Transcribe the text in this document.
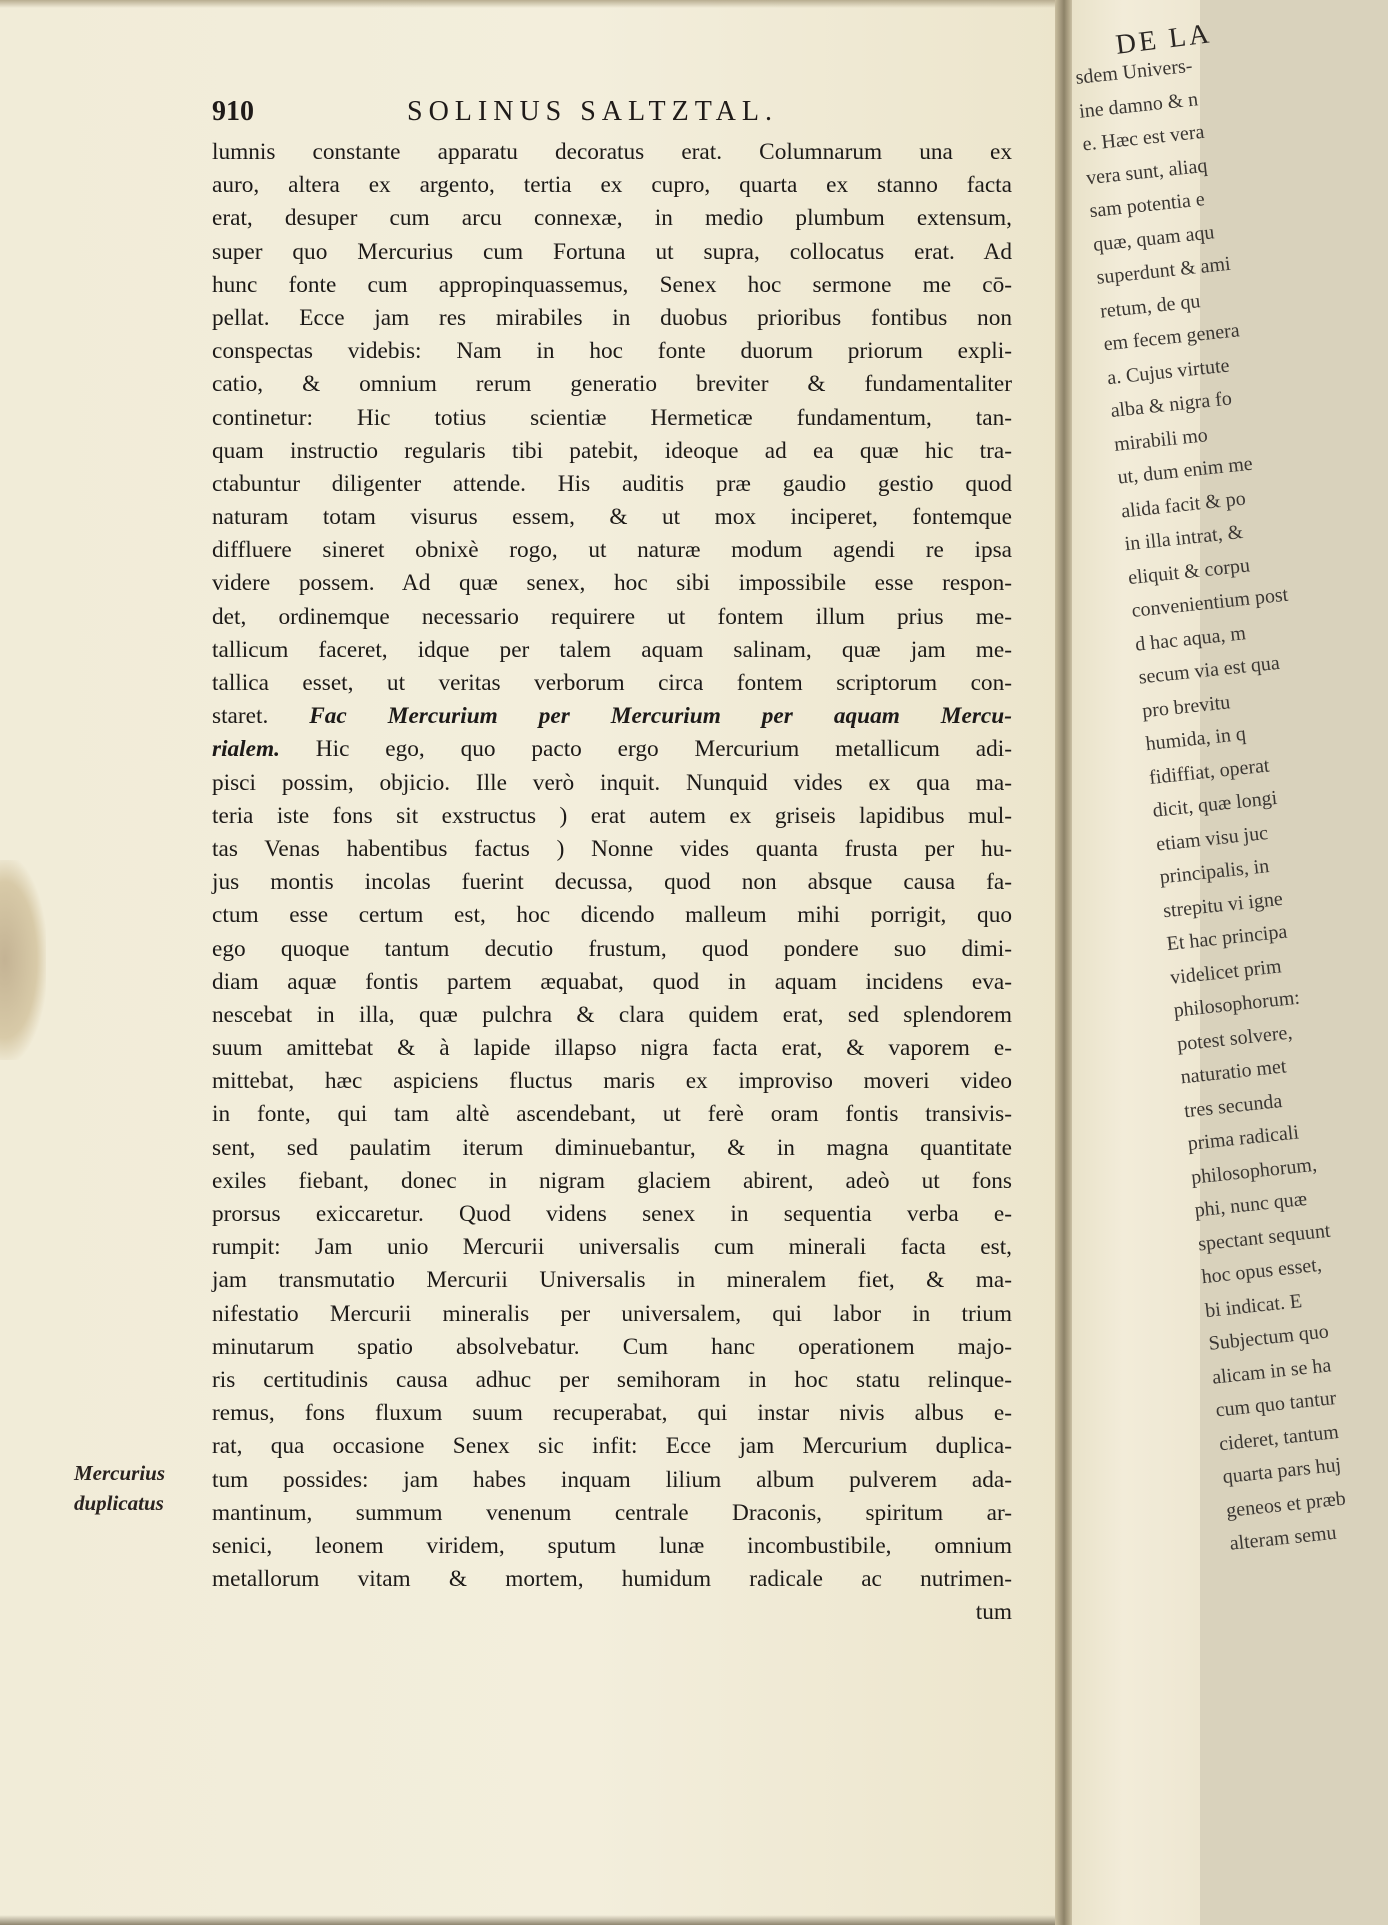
910	SOLINUS SALTZTAL.
Mercurius
duplicatus
lumnis constante apparatu decoratus erat. Columnarum una ex
auro, altera ex argento, tertia ex cupro, quarta ex stanno facta
erat, desuper cum arcu connexæ, in medio plumbum extensum,
super quo Mercurius cum Fortuna ut supra, collocatus erat. Ad
hunc fonte cum appropinquassemus, Senex hoc sermone me cō-
pellat. Ecce jam res mirabiles in duobus prioribus fontibus non
conspectas videbis: Nam in hoc fonte duorum priorum expli-
catio, & omnium rerum generatio breviter & fundamentaliter
continetur: Hic totius scientiæ Hermeticæ fundamentum, tan-
quam instructio regularis tibi patebit, ideoque ad ea quæ hic tra-
ctabuntur diligenter attende. His auditis præ gaudio gestio quod
naturam totam visurus essem, & ut mox inciperet, fontemque
diffluere sineret obnixè rogo, ut naturæ modum agendi re ipsa
videre possem. Ad quæ senex, hoc sibi impossibile esse respon-
det, ordinemque necessario requirere ut fontem illum prius me-
tallicum faceret, idque per talem aquam salinam, quæ jam me-
tallica esset, ut veritas verborum circa fontem scriptorum con-
staret. Fac Mercurium per Mercurium per aquam Mercu-
rialem. Hic ego, quo pacto ergo Mercurium metallicum adi-
pisci possim, objicio. Ille verò inquit. Nunquid vides ex qua ma-
teria iste fons sit exstructus ) erat autem ex griseis lapidibus mul-
tas Venas habentibus factus ) Nonne vides quanta frusta per hu-
jus montis incolas fuerint decussa, quod non absque causa fa-
ctum esse certum est, hoc dicendo malleum mihi porrigit, quo
ego quoque tantum decutio frustum, quod pondere suo dimi-
diam aquæ fontis partem æquabat, quod in aquam incidens eva-
nescebat in illa, quæ pulchra & clara quidem erat, sed splendorem
suum amittebat & à lapide illapso nigra facta erat, & vaporem e-
mittebat, hæc aspiciens fluctus maris ex improviso moveri video
in fonte, qui tam altè ascendebant, ut ferè oram fontis transivis-
sent, sed paulatim iterum diminuebantur, & in magna quantitate
exiles fiebant, donec in nigram glaciem abirent, adeò ut fons
prorsus exiccaretur. Quod videns senex in sequentia verba e-
rumpit: Jam unio Mercurii universalis cum minerali facta est,
jam transmutatio Mercurii Universalis in mineralem fiet, & ma-
nifestatio Mercurii mineralis per universalem, qui labor in trium
minutarum spatio absolvebatur. Cum hanc operationem majo-
ris certitudinis causa adhuc per semihoram in hoc statu relinque-
remus, fons fluxum suum recuperabat, qui instar nivis albus e-
rat, qua occasione Senex sic infit: Ecce jam Mercurium duplica-
tum possides: jam habes inquam lilium album pulverem ada-
mantinum, summum venenum centrale Draconis, spiritum ar-
senici, leonem viridem, sputum lunæ incombustibile, omnium
metallorum vitam & mortem, humidum radicale ac nutrimen-
tum
DE LA
sdem Univers-
ine damno & n
e. Hæc est vera
vera sunt, aliaq
sam potentia e
quæ, quam aqu
superdunt & ami
retum, de qu
em fecem genera
a. Cujus virtute
alba & nigra fo
mirabili mo
ut, dum enim me
alida facit & po
in illa intrat, &
eliquit & corpu
convenientium post
d hac aqua, m
secum via est qua
pro brevitu
humida, in q
fidiffiat, operat
dicit, quæ longi
etiam visu juc
principalis, in
strepitu vi igne
Et hac principa
videlicet prim
philosophorum:
potest solvere,
naturatio met
tres secunda
prima radicali
philosophorum,
phi, nunc quæ
spectant sequunt
hoc opus esset,
bi indicat. E
Subjectum quo
alicam in se ha
cum quo tantur
cideret, tantum
quarta pars huj
geneos et præb
alteram semu
